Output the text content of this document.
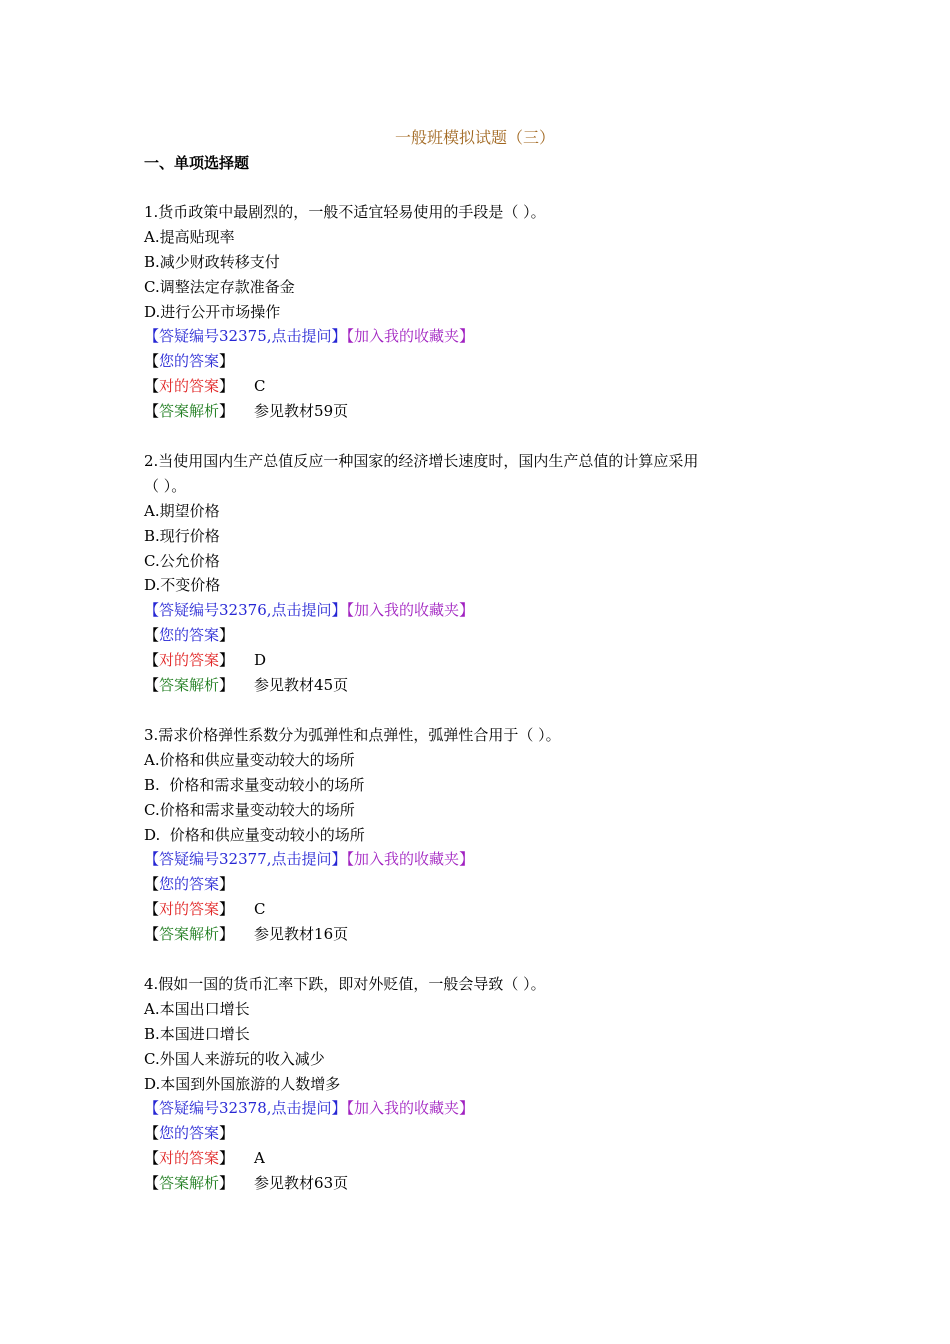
一般班模拟试题（三）
一、单项选择题
1.货币政策中最剧烈的，一般不适宜轻易使用的手段是（ ）。
A.提高贴现率
B.减少财政转移支付
C.调整法定存款准备金
D.进行公开市场操作
【答疑编号32375,点击提问】【加入我的收藏夹】
【您的答案】
【对的答案】 C
【答案解析】 参见教材59页
2.当使用国内生产总值反应一种国家的经济增长速度时，国内生产总值的计算应采用
（ ）。
A.期望价格
B.现行价格
C.公允价格
D.不变价格
【答疑编号32376,点击提问】【加入我的收藏夹】
【您的答案】
【对的答案】 D
【答案解析】 参见教材45页
3.需求价格弹性系数分为弧弹性和点弹性，弧弹性合用于（ ）。
A.价格和供应量变动较大的场所
B.  价格和需求量变动较小的场所
C.价格和需求量变动较大的场所
D.  价格和供应量变动较小的场所
【答疑编号32377,点击提问】【加入我的收藏夹】
【您的答案】
【对的答案】 C
【答案解析】 参见教材16页
4.假如一国的货币汇率下跌，即对外贬值，一般会导致（ ）。
A.本国出口增长
B.本国进口增长
C.外国人来游玩的收入减少
D.本国到外国旅游的人数增多
【答疑编号32378,点击提问】【加入我的收藏夹】
【您的答案】
【对的答案】 A
【答案解析】 参见教材63页
